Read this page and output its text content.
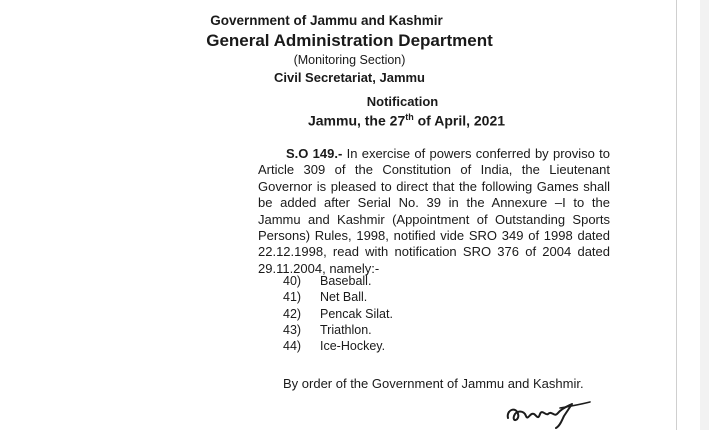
Government of Jammu and Kashmir
General Administration Department
(Monitoring Section)
Civil Secretariat, Jammu
Notification
Jammu, the 27th of April, 2021
S.O 149.- In exercise of powers conferred by proviso to Article 309 of the Constitution of India, the Lieutenant Governor is pleased to direct that the following Games shall be added after Serial No. 39 in the Annexure –I to the Jammu and Kashmir (Appointment of Outstanding Sports Persons) Rules, 1998, notified vide SRO 349 of 1998 dated 22.12.1998, read with notification SRO 376 of 2004 dated 29.11.2004, namely:-
40)	Baseball.
41)	Net Ball.
42)	Pencak Silat.
43)	Triathlon.
44)	Ice-Hockey.
By order of the Government of Jammu and Kashmir.
